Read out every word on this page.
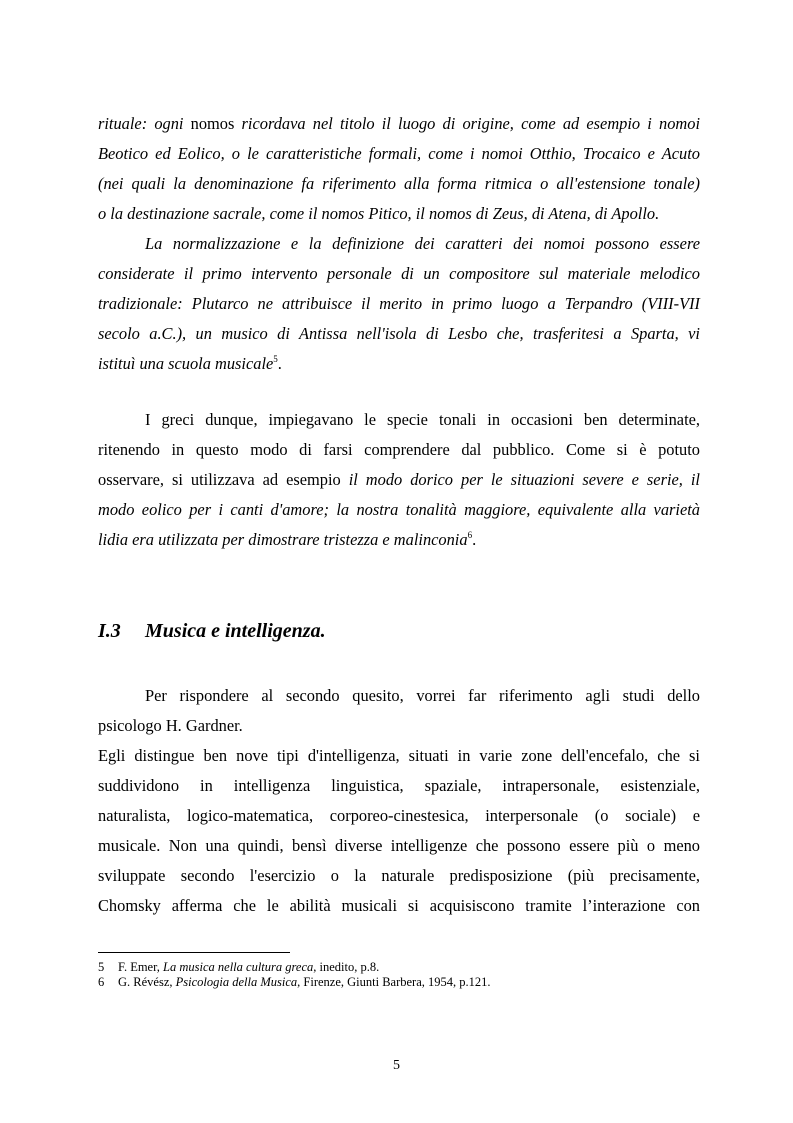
rituale: ogni nomos ricordava nel titolo il luogo di origine, come ad esempio i nomoi
Beotico ed Eolico, o le caratteristiche formali, come i nomoi Otthio, Trocaico e Acuto
(nei quali la denominazione fa riferimento alla forma ritmica o all'estensione tonale)
o la destinazione sacrale, come il nomos Pitico, il nomos di Zeus, di Atena, di Apollo.
La normalizzazione e la definizione dei caratteri dei nomoi possono essere
considerate il primo intervento personale di un compositore sul materiale melodico
tradizionale: Plutarco ne attribuisce il merito in primo luogo a Terpandro (VIII-VII
secolo a.C.), un musico di Antissa nell'isola di Lesbo che, trasferitesi a Sparta, vi
istituì una scuola musicale$^5$.
I greci dunque, impiegavano le specie tonali in occasioni ben determinate,
ritenendo in questo modo di farsi comprendere dal pubblico. Come si è potuto
osservare, si utilizzava ad esempio il modo dorico per le situazioni severe e serie, il
modo eolico per i canti d'amore; la nostra tonalità maggiore, equivalente alla varietà
lidia era utilizzata per dimostrare tristezza e malinconia$^6$.
I.3 Musica e intelligenza.
Per rispondere al secondo quesito, vorrei far riferimento agli studi dello
psicologo H. Gardner.
Egli distingue ben nove tipi d'intelligenza, situati in varie zone dell'encefalo, che si
suddividono in intelligenza linguistica, spaziale, intrapersonale, esistenziale,
naturalista, logico-matematica, corporeo-cinestesica, interpersonale (o sociale) e
musicale. Non una quindi, bensì diverse intelligenze che possono essere più o meno
sviluppate secondo l'esercizio o la naturale predisposizione (più precisamente,
Chomsky afferma che le abilità musicali si acquisiscono tramite l’interazione con
5 F. Emer, La musica nella cultura greca, inedito, p.8.
6 G. Révész, Psicologia della Musica, Firenze, Giunti Barbera, 1954, p.121.
5
